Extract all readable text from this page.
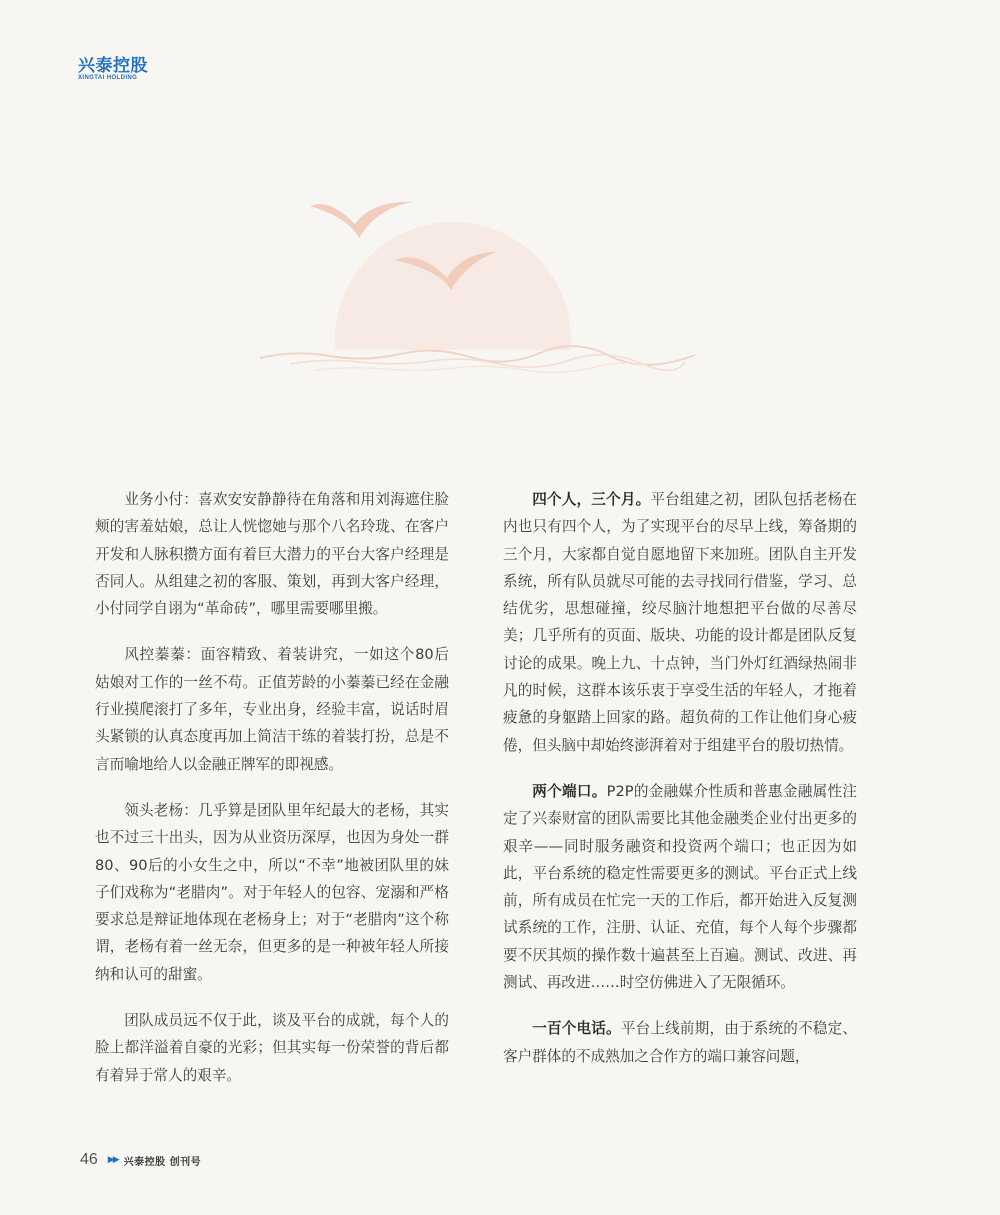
兴泰控股
XINGTAI HOLDING

业务小付：喜欢安安静静待在角落和用刘海遮住脸颊的害羞姑娘，总让人恍惚她与那个八名玲珑、在客户开发和人脉积攒方面有着巨大潜力的平台大客户经理是否同人。从组建之初的客服、策划，再到大客户经理，小付同学自诩为“革命砖”，哪里需要哪里搬。

风控蓁蓁：面容精致、着装讲究，一如这个80后姑娘对工作的一丝不苟。正值芳龄的小蓁蓁已经在金融行业摸爬滚打了多年，专业出身，经验丰富，说话时眉头紧锁的认真态度再加上简洁干练的着装打扮，总是不言而喻地给人以金融正牌军的即视感。

领头老杨：几乎算是团队里年纪最大的老杨，其实也不过三十出头，因为从业资历深厚，也因为身处一群80、90后的小女生之中，所以“不幸”地被团队里的妹子们戏称为“老腊肉”。对于年轻人的包容、宠溺和严格要求总是辩证地体现在老杨身上；对于“老腊肉”这个称谓，老杨有着一丝无奈，但更多的是一种被年轻人所接纳和认可的甜蜜。

团队成员远不仅于此，谈及平台的成就，每个人的脸上都洋溢着自豪的光彩；但其实每一份荣誉的背后都有着异于常人的艰辛。

四个人，三个月。平台组建之初，团队包括老杨在内也只有四个人，为了实现平台的尽早上线，筹备期的三个月，大家都自觉自愿地留下来加班。团队自主开发系统，所有队员就尽可能的去寻找同行借鉴，学习、总结优劣，思想碰撞，绞尽脑汁地想把平台做的尽善尽美；几乎所有的页面、版块、功能的设计都是团队反复讨论的成果。晚上九、十点钟，当门外灯红酒绿热闹非凡的时候，这群本该乐衷于享受生活的年轻人，才拖着疲惫的身躯踏上回家的路。超负荷的工作让他们身心疲倦，但头脑中却始终澎湃着对于组建平台的殷切热情。

两个端口。P2P的金融媒介性质和普惠金融属性注定了兴泰财富的团队需要比其他金融类企业付出更多的艰辛——同时服务融资和投资两个端口；也正因为如此，平台系统的稳定性需要更多的测试。平台正式上线前，所有成员在忙完一天的工作后，都开始进入反复测试系统的工作，注册、认证、充值，每个人每个步骤都要不厌其烦的操作数十遍甚至上百遍。测试、改进、再测试、再改进……时空仿佛进入了无限循环。

一百个电话。平台上线前期，由于系统的不稳定、客户群体的不成熟加之合作方的端口兼容问题，

46 ▶▶ 兴泰控股 创刊号
